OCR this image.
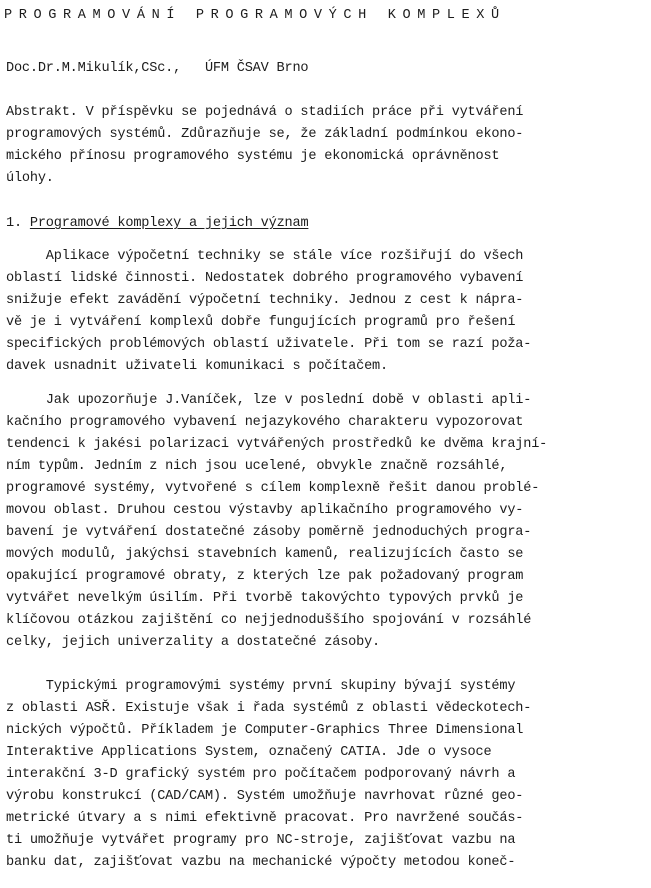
PROGRAMOVÁNÍ PROGRAMOVÝCH KOMPLEXŮ
Doc.Dr.M.Mikulík,CSc.,   ÚFM ČSAV Brno
Abstrakt. V příspěvku se pojednává o stadiích práce při vytváření
programových systémů. Zdůrazňuje se, že základní podmínkou ekono-
mického přínosu programového systému je ekonomická oprávněnost
úlohy.
1. Programové komplexy a jejich význam
Aplikace výpočetní techniky se stále více rozšiřují do všech
oblastí lidské činnosti. Nedostatek dobrého programového vybavení
snižuje efekt zavádění výpočetní techniky. Jednou z cest k nápra-
vě je i vytváření komplexů dobře fungujících programů pro řešení
specifických problémových oblastí uživatele. Při tom se razí poža-
davek usnadnit uživateli komunikaci s počítačem.
Jak upozorňuje J.Vaníček, lze v poslední době v oblasti apli-
kačního programového vybavení nejazykového charakteru vypozorovat
tendenci k jakési polarizaci vytvářených prostředků ke dvěma krajní-
ním typům. Jedním z nich jsou ucelené, obvykle značně rozsáhlé,
programové systémy, vytvořené s cílem komplexně řešit danou problé-
movou oblast. Druhou cestou výstavby aplikačního programového vy-
bavení je vytváření dostatečné zásoby poměrně jednoduchých progra-
mových modulů, jakýchsi stavebních kamenů, realizujících často se
opakující programové obraty, z kterých lze pak požadovaný program
vytvářet nevelkým úsilím. Při tvorbě takovýchto typových prvků je
klíčovou otázkou zajištění co nejjednoduššího spojování v rozsáhlé
celky, jejich univerzality a dostatečné zásoby.
Typickými programovými systémy první skupiny bývají systémy
z oblasti ASŘ. Existuje však i řada systémů z oblasti vědeckotech-
nických výpočtů. Příkladem je Computer-Graphics Three Dimensional
Interaktive Applications System, označený CATIA. Jde o vysoce
interakční 3-D grafický systém pro počítačem podporovaný návrh a
výrobu konstrukcí (CAD/CAM). Systém umožňuje navrhovat různé geo-
metrické útvary a s nimi efektivně pracovat. Pro navržené součás-
ti umožňuje vytvářet programy pro NC-stroje, zajišťovat vazbu na
banku dat, zajišťovat vazbu na mechanické výpočty metodou koneč-
